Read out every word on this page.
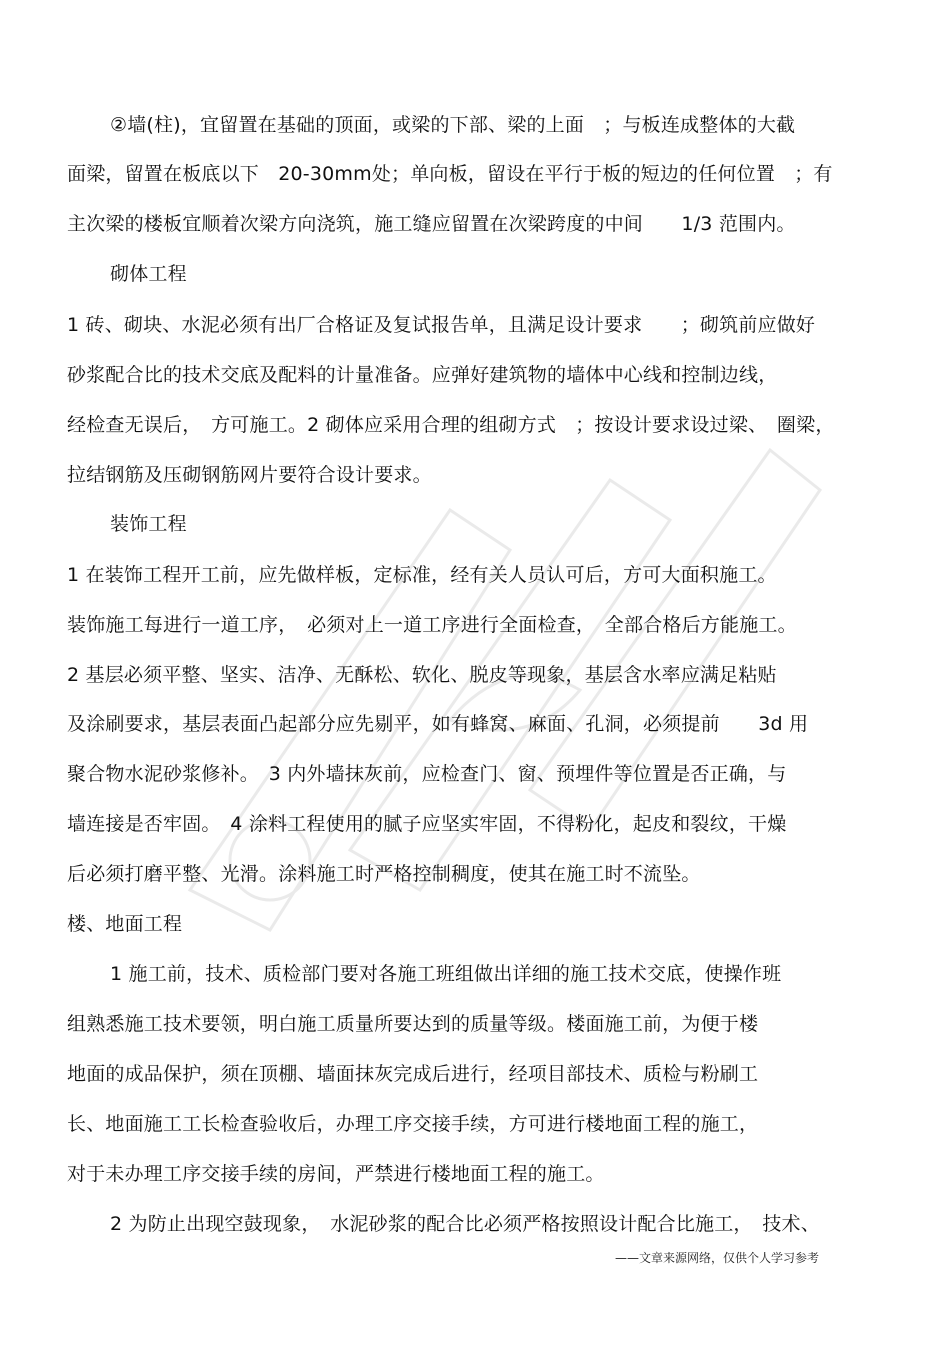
②墙(柱)，宜留置在基础的顶面，或梁的下部、梁的上面　；与板连成整体的大截
面梁，留置在板底以下　20-30mm处；单向板，留设在平行于板的短边的任何位置　；有
主次梁的楼板宜顺着次梁方向浇筑，施工缝应留置在次梁跨度的中间　　1/3 范围内。
砌体工程
1 砖、砌块、水泥必须有出厂合格证及复试报告单，且满足设计要求　　；砌筑前应做好
砂浆配合比的技术交底及配料的计量准备。应弹好建筑物的墙体中心线和控制边线，
经检查无误后，　方可施工。2 砌体应采用合理的组砌方式　；按设计要求设过梁、　圈梁，
拉结钢筋及压砌钢筋网片要符合设计要求。
装饰工程
1 在装饰工程开工前，应先做样板，定标准，经有关人员认可后，方可大面积施工。
装饰施工每进行一道工序，　必须对上一道工序进行全面检查，　全部合格后方能施工。
2 基层必须平整、坚实、洁净、无酥松、软化、脱皮等现象，基层含水率应满足粘贴
及涂刷要求，基层表面凸起部分应先剔平，如有蜂窝、麻面、孔洞，必须提前　　3d 用
聚合物水泥砂浆修补。　3 内外墙抹灰前，应检查门、窗、预埋件等位置是否正确，与
墙连接是否牢固。　4 涂料工程使用的腻子应坚实牢固，不得粉化，起皮和裂纹，干燥
后必须打磨平整、光滑。涂料施工时严格控制稠度，使其在施工时不流坠。
楼、地面工程
1 施工前，技术、质检部门要对各施工班组做出详细的施工技术交底，使操作班
组熟悉施工技术要领，明白施工质量所要达到的质量等级。楼面施工前，为便于楼
地面的成品保护，须在顶棚、墙面抹灰完成后进行，经项目部技术、质检与粉刷工
长、地面施工工长检查验收后，办理工序交接手续，方可进行楼地面工程的施工，
对于未办理工序交接手续的房间，严禁进行楼地面工程的施工。
2 为防止出现空鼓现象，　水泥砂浆的配合比必须严格按照设计配合比施工，　技术、
——文章来源网络，仅供个人学习参考
